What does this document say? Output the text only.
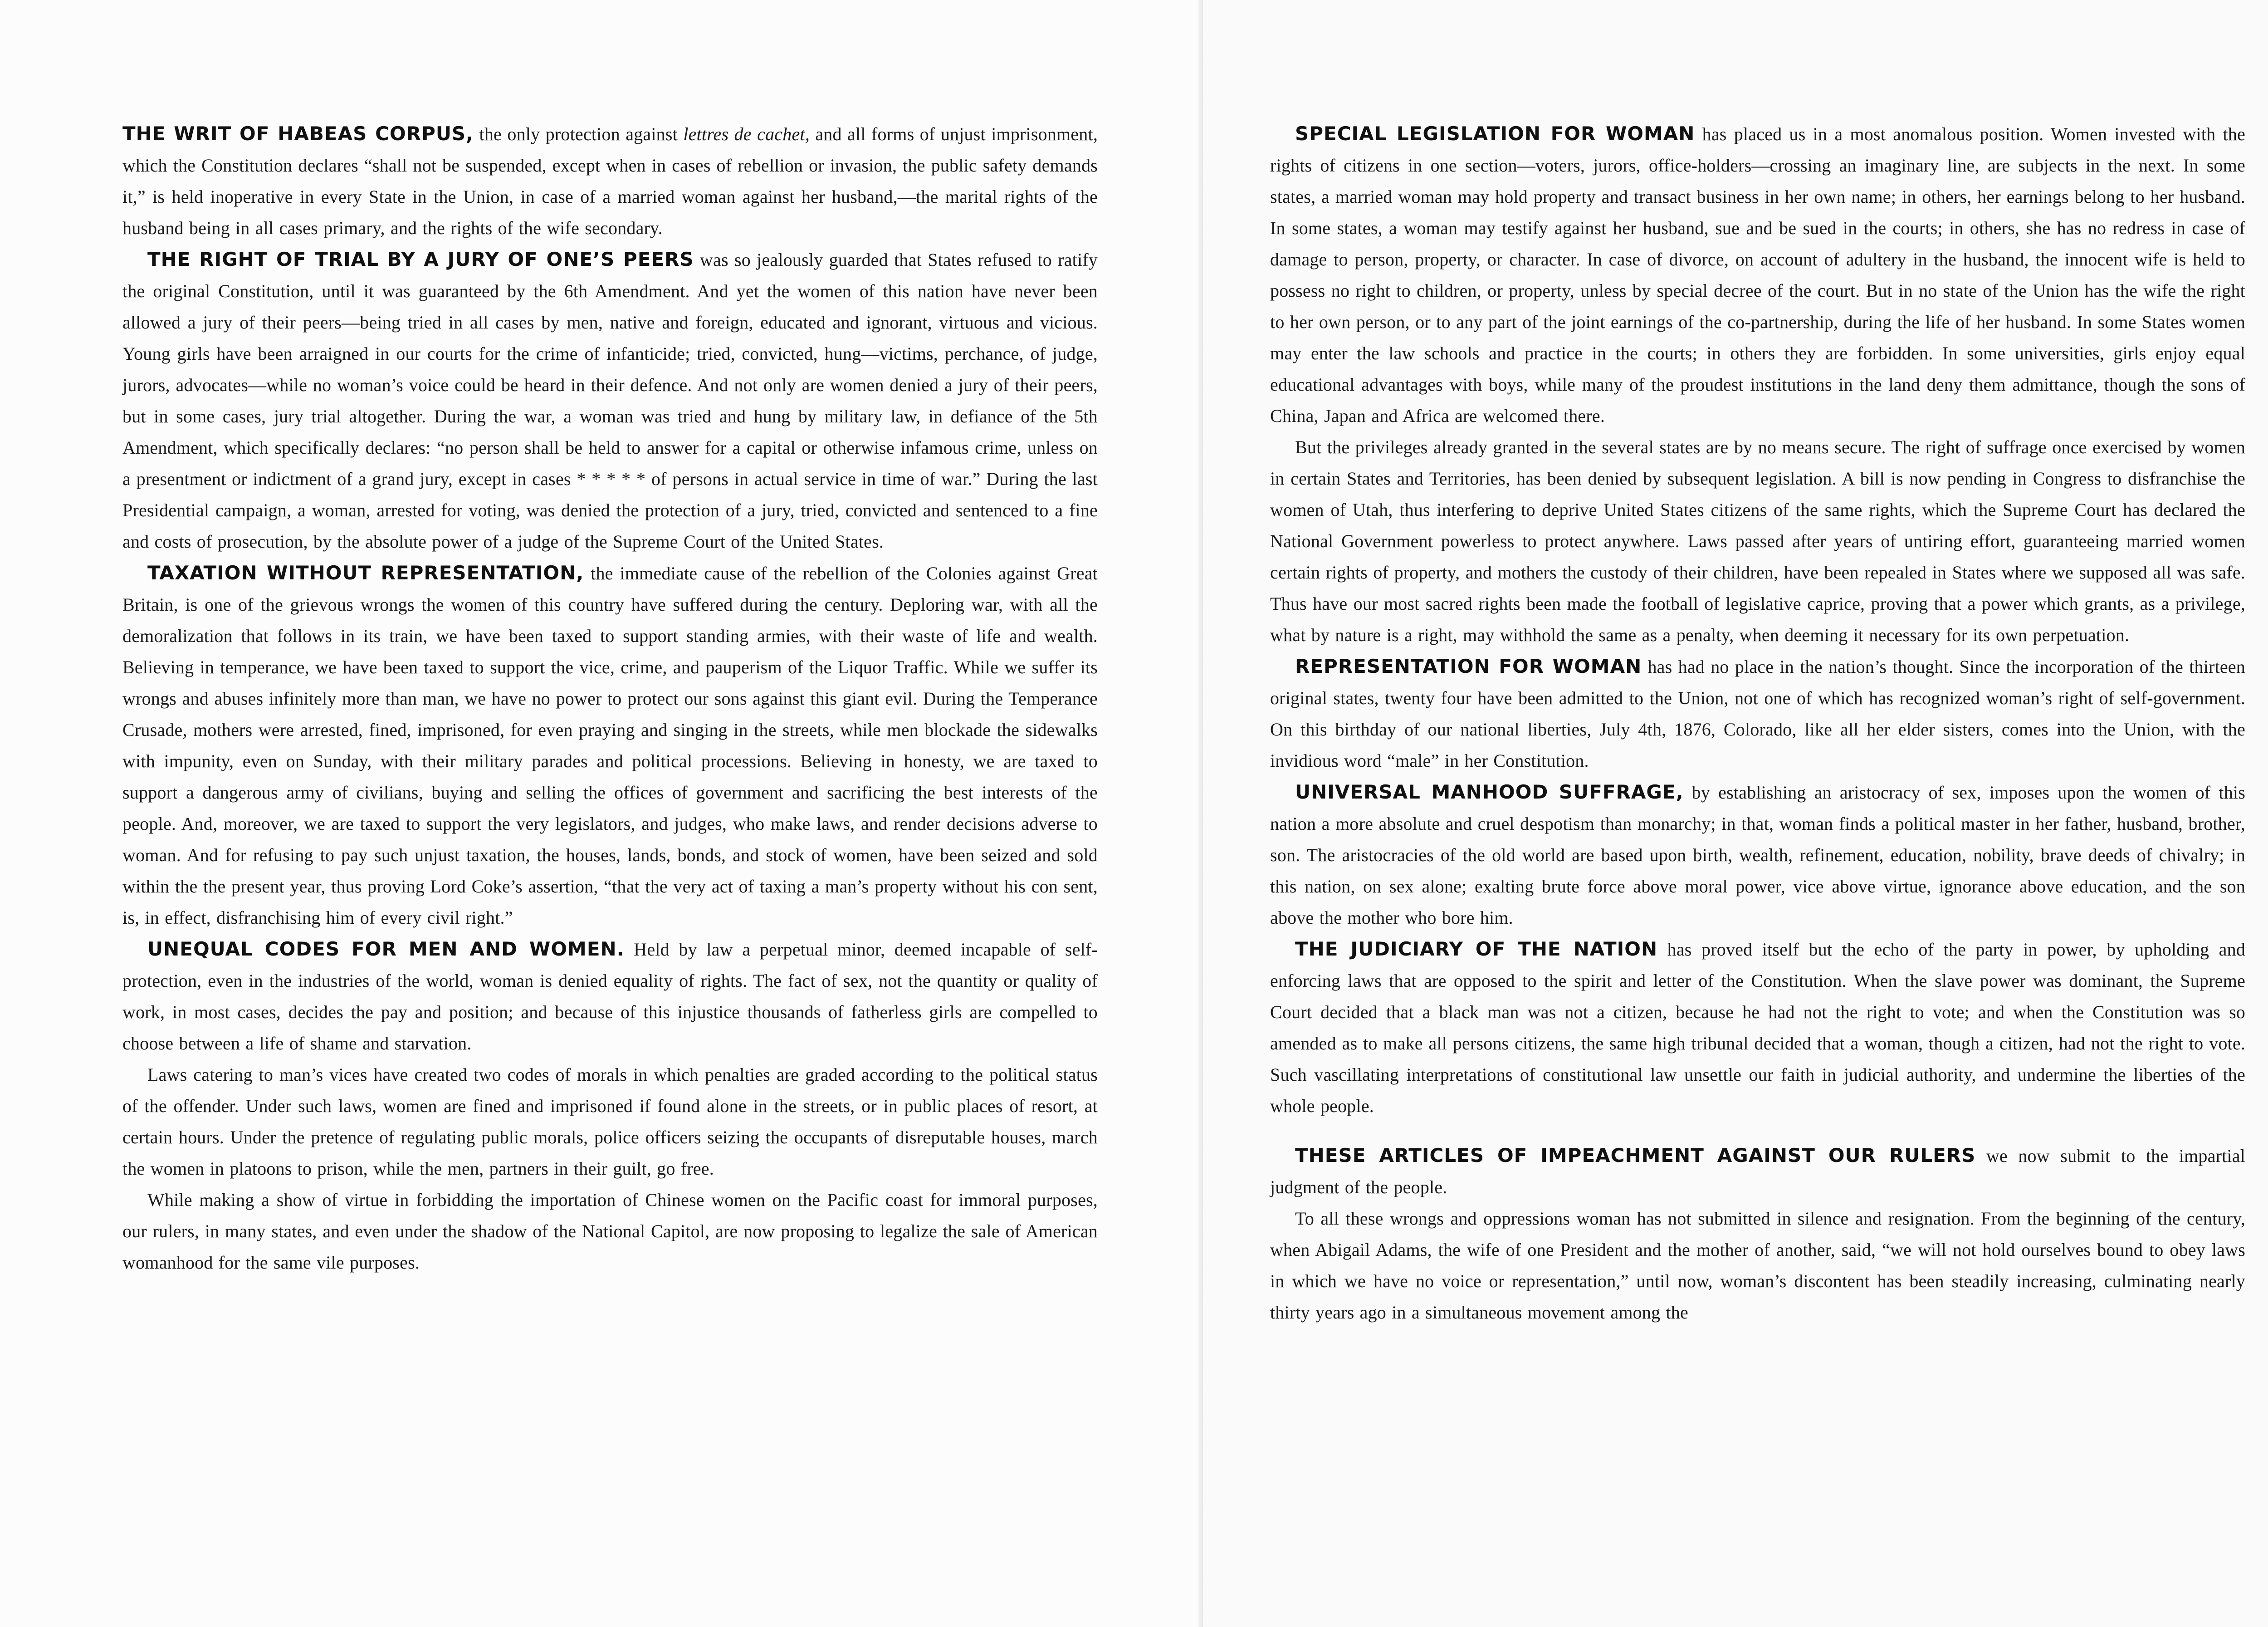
THE WRIT OF HABEAS CORPUS, the only protection against lettres de cachet, and all forms of unjust imprisonment, which the Constitution declares “shall not be suspended, except when in cases of rebellion or invasion, the public safety demands it,” is held inoperative in every State in the Union, in case of a married woman against her husband,—the marital rights of the husband being in all cases primary, and the rights of the wife secondary.

THE RIGHT OF TRIAL BY A JURY OF ONE’S PEERS was so jealously guarded that States refused to ratify the original Constitution, until it was guaranteed by the 6th Amendment. And yet the women of this nation have never been allowed a jury of their peers—being tried in all cases by men, native and foreign, educated and ignorant, virtuous and vicious. Young girls have been arraigned in our courts for the crime of infanticide; tried, convicted, hung—victims, perchance, of judge, jurors, advocates—while no woman’s voice could be heard in their defence. And not only are women denied a jury of their peers, but in some cases, jury trial altogether. During the war, a woman was tried and hung by military law, in defiance of the 5th Amendment, which specifically declares: “no person shall be held to answer for a capital or otherwise infamous crime, unless on a presentment or indictment of a grand jury, except in cases * * * * * of persons in actual service in time of war.” During the last Presidential campaign, a woman, arrested for voting, was denied the protection of a jury, tried, convicted and sentenced to a fine and costs of prosecution, by the absolute power of a judge of the Supreme Court of the United States.

TAXATION WITHOUT REPRESENTATION, the immediate cause of the rebellion of the Colonies against Great Britain, is one of the grievous wrongs the women of this country have suffered during the century. Deploring war, with all the demoralization that follows in its train, we have been taxed to support standing armies, with their waste of life and wealth. Believing in temperance, we have been taxed to support the vice, crime, and pauperism of the Liquor Traffic. While we suffer its wrongs and abuses infinitely more than man, we have no power to protect our sons against this giant evil. During the Temperance Crusade, mothers were arrested, fined, imprisoned, for even praying and singing in the streets, while men blockade the sidewalks with impunity, even on Sunday, with their military parades and political processions. Believing in honesty, we are taxed to support a dangerous army of civilians, buying and selling the offices of government and sacrificing the best interests of the people. And, moreover, we are taxed to support the very legislators, and judges, who make laws, and render decisions adverse to woman. And for refusing to pay such unjust taxation, the houses, lands, bonds, and stock of women, have been seized and sold within the the present year, thus proving Lord Coke’s assertion, “that the very act of taxing a man’s property without his con sent, is, in effect, disfranchising him of every civil right.”

UNEQUAL CODES FOR MEN AND WOMEN. Held by law a perpetual minor, deemed incapable of self-protection, even in the industries of the world, woman is denied equality of rights. The fact of sex, not the quantity or quality of work, in most cases, decides the pay and position; and because of this injustice thousands of fatherless girls are compelled to choose between a life of shame and starvation.

Laws catering to man’s vices have created two codes of morals in which penalties are graded according to the political status of the offender. Under such laws, women are fined and imprisoned if found alone in the streets, or in public places of resort, at certain hours. Under the pretence of regulating public morals, police officers seizing the occupants of disreputable houses, march the women in platoons to prison, while the men, partners in their guilt, go free.

While making a show of virtue in forbidding the importation of Chinese women on the Pacific coast for immoral purposes, our rulers, in many states, and even under the shadow of the National Capitol, are now proposing to legalize the sale of American womanhood for the same vile purposes.

SPECIAL LEGISLATION FOR WOMAN has placed us in a most anomalous position. Women invested with the rights of citizens in one section—voters, jurors, office-holders—crossing an imaginary line, are subjects in the next. In some states, a married woman may hold property and transact business in her own name; in others, her earnings belong to her husband. In some states, a woman may testify against her husband, sue and be sued in the courts; in others, she has no redress in case of damage to person, property, or character. In case of divorce, on account of adultery in the husband, the innocent wife is held to possess no right to children, or property, unless by special decree of the court. But in no state of the Union has the wife the right to her own person, or to any part of the joint earnings of the co-partnership, during the life of her husband. In some States women may enter the law schools and practice in the courts; in others they are forbidden. In some universities, girls enjoy equal educational advantages with boys, while many of the proudest institutions in the land deny them admittance, though the sons of China, Japan and Africa are welcomed there.

But the privileges already granted in the several states are by no means secure. The right of suffrage once exercised by women in certain States and Territories, has been denied by subsequent legislation. A bill is now pending in Congress to disfranchise the women of Utah, thus interfering to deprive United States citizens of the same rights, which the Supreme Court has declared the National Government powerless to protect anywhere. Laws passed after years of untiring effort, guaranteeing married women certain rights of property, and mothers the custody of their children, have been repealed in States where we supposed all was safe. Thus have our most sacred rights been made the football of legislative caprice, proving that a power which grants, as a privilege, what by nature is a right, may withhold the same as a penalty, when deeming it necessary for its own perpetuation.

REPRESENTATION FOR WOMAN has had no place in the nation’s thought. Since the incorporation of the thirteen original states, twenty four have been admitted to the Union, not one of which has recognized woman’s right of self-government. On this birthday of our national liberties, July 4th, 1876, Colorado, like all her elder sisters, comes into the Union, with the invidious word “male” in her Constitution.

UNIVERSAL MANHOOD SUFFRAGE, by establishing an aristocracy of sex, imposes upon the women of this nation a more absolute and cruel despotism than monarchy; in that, woman finds a political master in her father, husband, brother, son. The aristocracies of the old world are based upon birth, wealth, refinement, education, nobility, brave deeds of chivalry; in this nation, on sex alone; exalting brute force above moral power, vice above virtue, ignorance above education, and the son above the mother who bore him.

THE JUDICIARY OF THE NATION has proved itself but the echo of the party in power, by upholding and enforcing laws that are opposed to the spirit and letter of the Constitution. When the slave power was dominant, the Supreme Court decided that a black man was not a citizen, because he had not the right to vote; and when the Constitution was so amended as to make all persons citizens, the same high tribunal decided that a woman, though a citizen, had not the right to vote. Such vascillating interpretations of constitutional law unsettle our faith in judicial authority, and undermine the liberties of the whole people.

THESE ARTICLES OF IMPEACHMENT AGAINST OUR RULERS we now submit to the impartial judgment of the people.

To all these wrongs and oppressions woman has not submitted in silence and resignation. From the beginning of the century, when Abigail Adams, the wife of one President and the mother of another, said, “we will not hold ourselves bound to obey laws in which we have no voice or representation,” until now, woman’s discontent has been steadily increasing, culminating nearly thirty years ago in a simultaneous movement among the
